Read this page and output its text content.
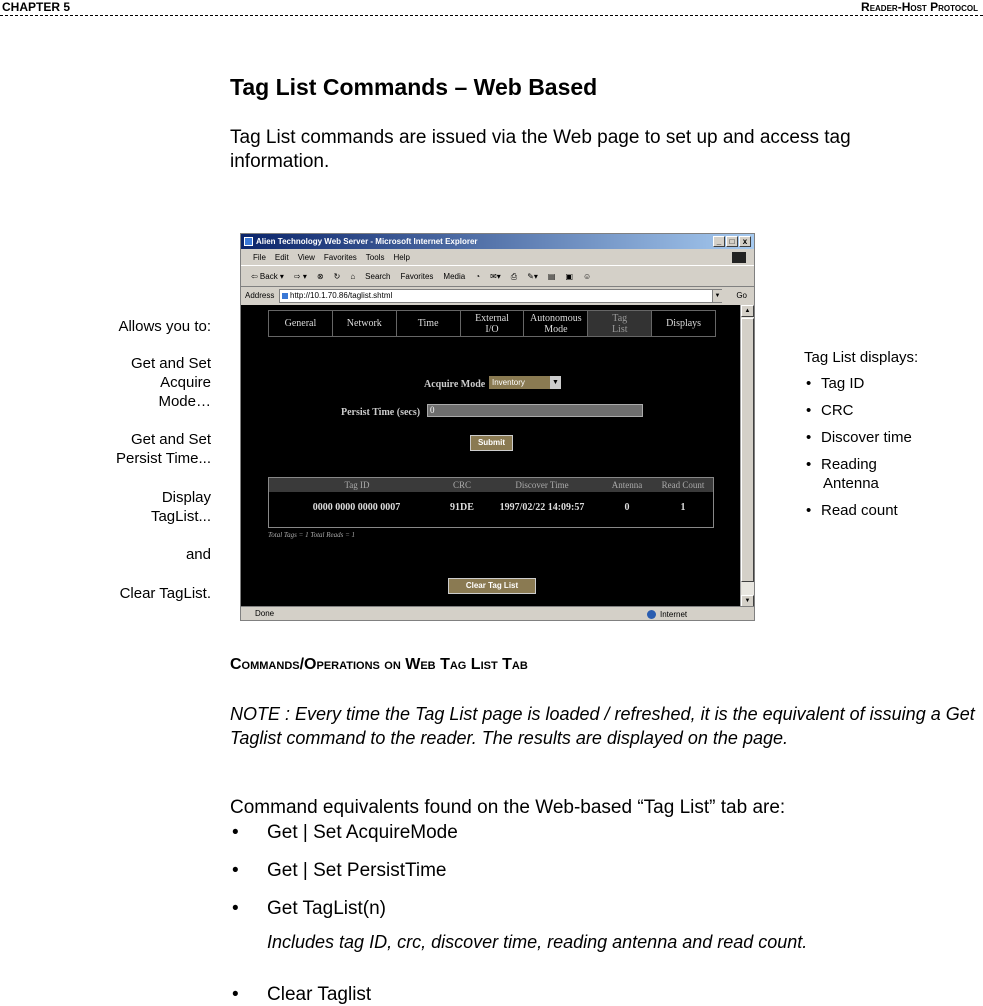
CHAPTER 5	Reader-Host Protocol
Tag List Commands – Web Based

Tag List commands are issued via the Web page to set up and access tag information.

Allows you to:
Get and Set
Acquire
Mode…
Get and Set
Persist Time...
Display
TagList...
and
Clear TagList.
Tag List displays:
• Tag ID
• CRC
• Discover time
• Reading
Antenna
• Read count
Alien Technology Web Server - Microsoft Internet Explorer	_	□	x
File Edit View Favorites Tools Help
⇦ Back ▾ ⇨ ▾ ⊗ ↻ ⌂ Search Favorites Media ◔ ✉▾ ⎙ ✎▾ ▤ ▣ ☺
Address	http://10.1.70.86/taglist.shtml	▼ Go
General	Network	Time	External
I/O
Autonomous
Mode
Tag
List	Displays
Acquire Mode Inventory	▼
Persist Time (secs)	0
Submit
Tag ID	CRC	Discover Time	Antenna	Read Count
0000 0000 0000 0007	91DE	1997/02/22 14:09:57	0	1
Total Tags = 1 Total Reads = 1
Clear Tag List
▲
▼
Done	Internet
Commands/Operations on Web Tag List Tab

NOTE : Every time the Tag List page is loaded / refreshed, it is the equivalent of issuing a Get Taglist command to the reader. The results are displayed on the page.

Command equivalents found on the Web-based “Tag List” tab are:

• Get | Set AcquireMode
• Get | Set PersistTime
• Get TagList(n)
• Clear Taglist
Includes tag ID, crc, discover time, reading antenna and read count.
